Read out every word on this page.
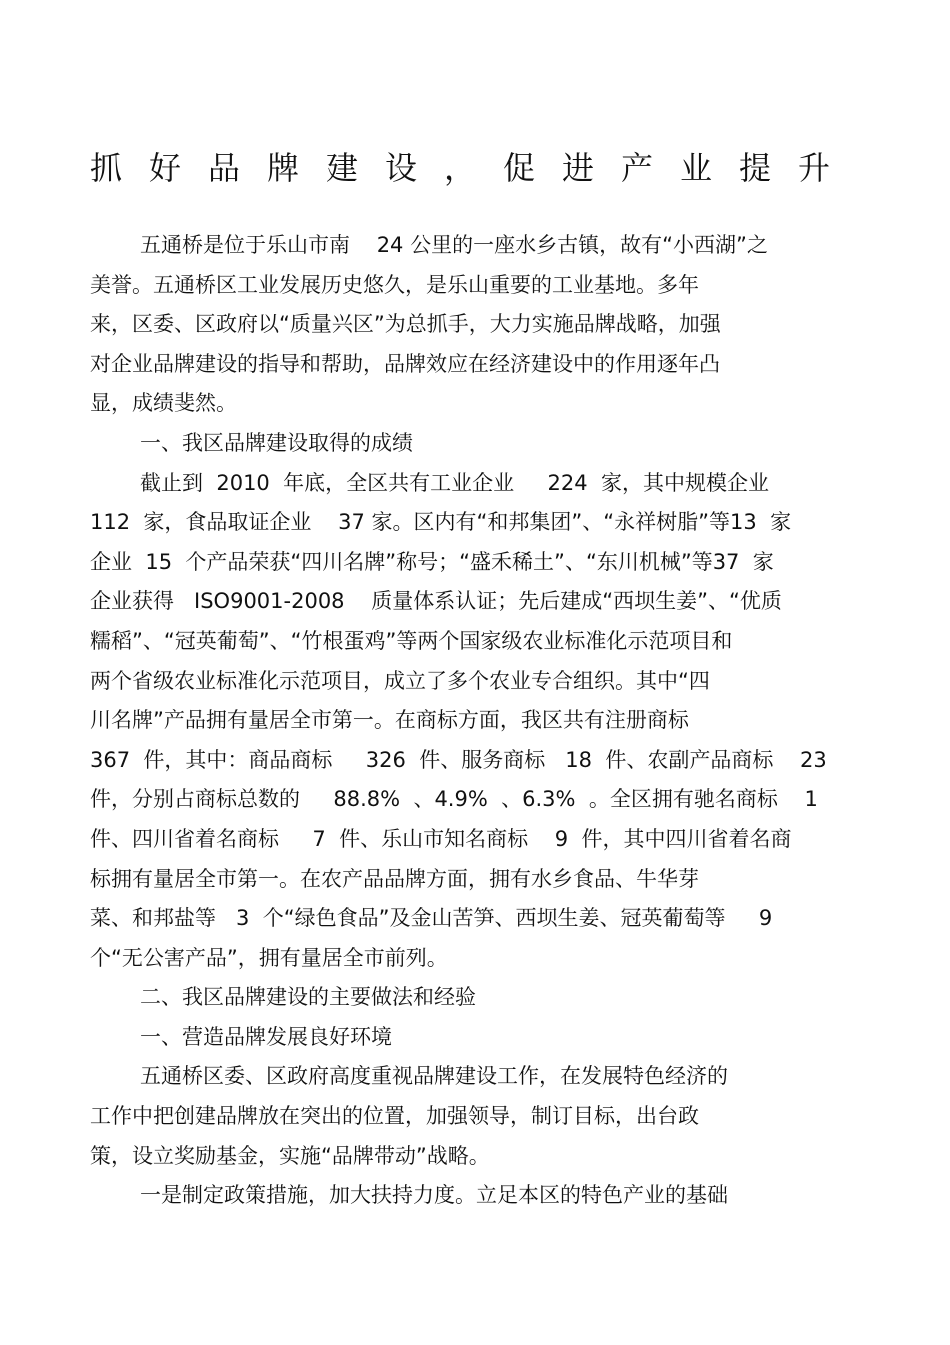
抓好品牌建设，促进产业提升
五通桥是位于乐山市南    24 公里的一座水乡古镇，故有“小西湖”之
美誉。五通桥区工业发展历史悠久，是乐山重要的工业基地。多年
来，区委、区政府以“质量兴区”为总抓手，大力实施品牌战略，加强
对企业品牌建设的指导和帮助，品牌效应在经济建设中的作用逐年凸
显，成绩斐然。
一、我区品牌建设取得的成绩
截止到  2010  年底，全区共有工业企业     224  家，其中规模企业
112  家，食品取证企业    37 家。区内有“和邦集团”、“永祥树脂”等13  家
企业  15  个产品荣获“四川名牌”称号；“盛禾稀土”、“东川机械”等37  家
企业获得   ISO9001-2008    质量体系认证；先后建成“西坝生姜”、“优质
糯稻”、“冠英葡萄”、“竹根蛋鸡”等两个国家级农业标准化示范项目和
两个省级农业标准化示范项目，成立了多个农业专合组织。其中“四
川名牌”产品拥有量居全市第一。在商标方面，我区共有注册商标
367  件，其中：商品商标     326  件、服务商标   18  件、农副产品商标    23
件，分别占商标总数的     88.8%  、4.9%  、6.3%  。全区拥有驰名商标    1
件、四川省着名商标     7  件、乐山市知名商标    9  件，其中四川省着名商
标拥有量居全市第一。在农产品品牌方面，拥有水乡食品、牛华芽
菜、和邦盐等   3  个“绿色食品”及金山苦笋、西坝生姜、冠英葡萄等     9
个“无公害产品”，拥有量居全市前列。
二、我区品牌建设的主要做法和经验
一、营造品牌发展良好环境
五通桥区委、区政府高度重视品牌建设工作，在发展特色经济的
工作中把创建品牌放在突出的位置，加强领导，制订目标，出台政
策，设立奖励基金，实施“品牌带动”战略。
一是制定政策措施，加大扶持力度。立足本区的特色产业的基础
